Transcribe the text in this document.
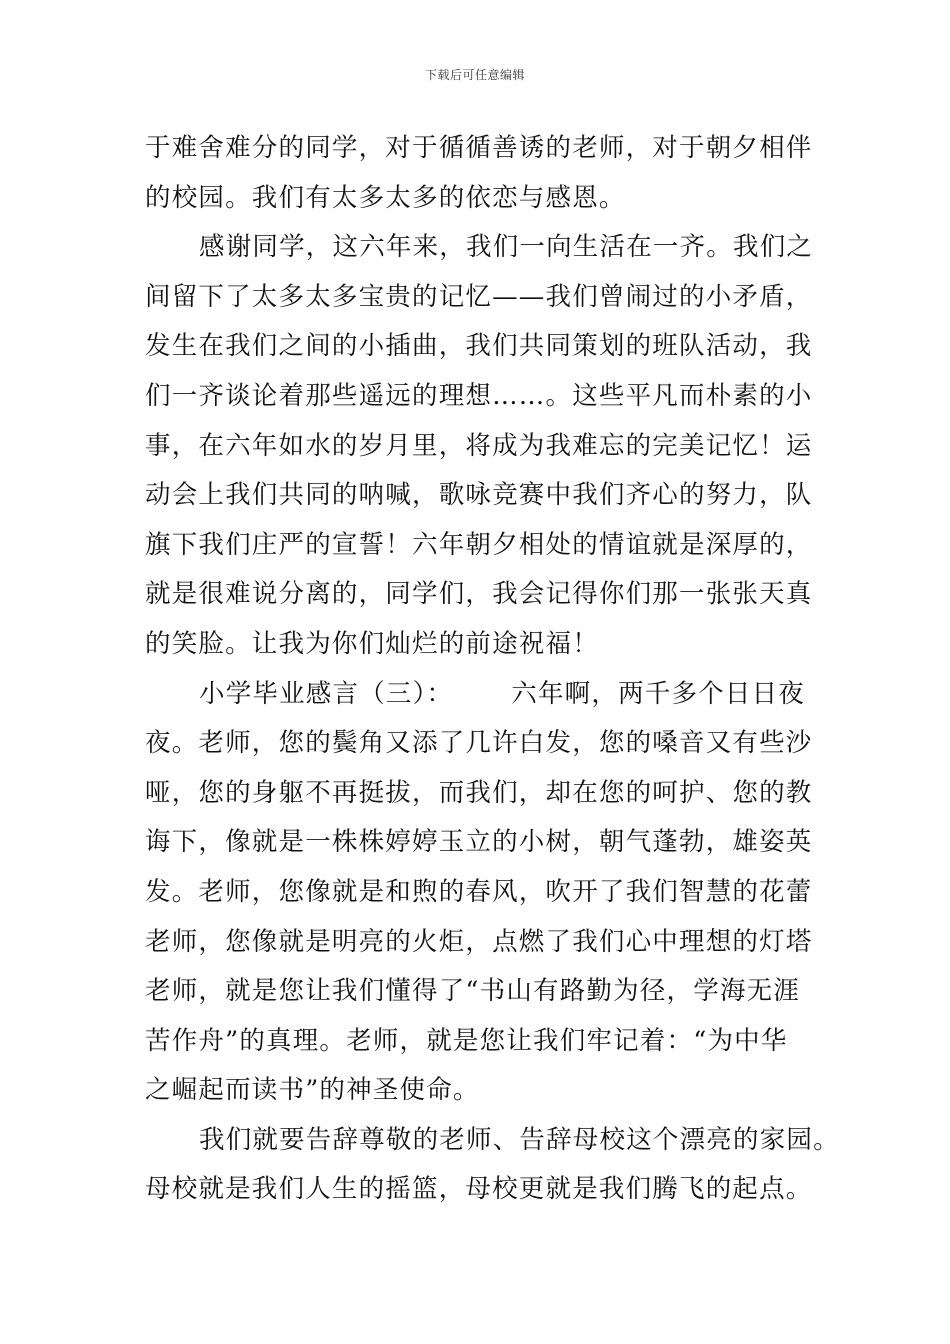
下载后可任意编辑
于难舍难分的同学，对于循循善诱的老师，对于朝夕相伴
的校园。我们有太多太多的依恋与感恩。
感谢同学，这六年来，我们一向生活在一齐。我们之
间留下了太多太多宝贵的记忆——我们曾闹过的小矛盾，
发生在我们之间的小插曲，我们共同策划的班队活动，我
们一齐谈论着那些遥远的理想……。这些平凡而朴素的小
事，在六年如水的岁月里，将成为我难忘的完美记忆！运
动会上我们共同的呐喊，歌咏竞赛中我们齐心的努力，队
旗下我们庄严的宣誓！六年朝夕相处的情谊就是深厚的，
就是很难说分离的，同学们，我会记得你们那一张张天真
的笑脸。让我为你们灿烂的前途祝福！
小学毕业感言（三）： 六年啊，两千多个日日夜
夜。老师，您的鬓角又添了几许白发，您的嗓音又有些沙
哑，您的身躯不再挺拔，而我们，却在您的呵护、您的教
诲下，像就是一株株婷婷玉立的小树，朝气蓬勃，雄姿英
发。老师，您像就是和煦的春风，吹开了我们智慧的花蕾
老师，您像就是明亮的火炬，点燃了我们心中理想的灯塔
老师，就是您让我们懂得了“书山有路勤为径，学海无涯
苦作舟”的真理。老师，就是您让我们牢记着：“为中华
之崛起而读书”的神圣使命。
我们就要告辞尊敬的老师、告辞母校这个漂亮的家园。
母校就是我们人生的摇篮，母校更就是我们腾飞的起点。
